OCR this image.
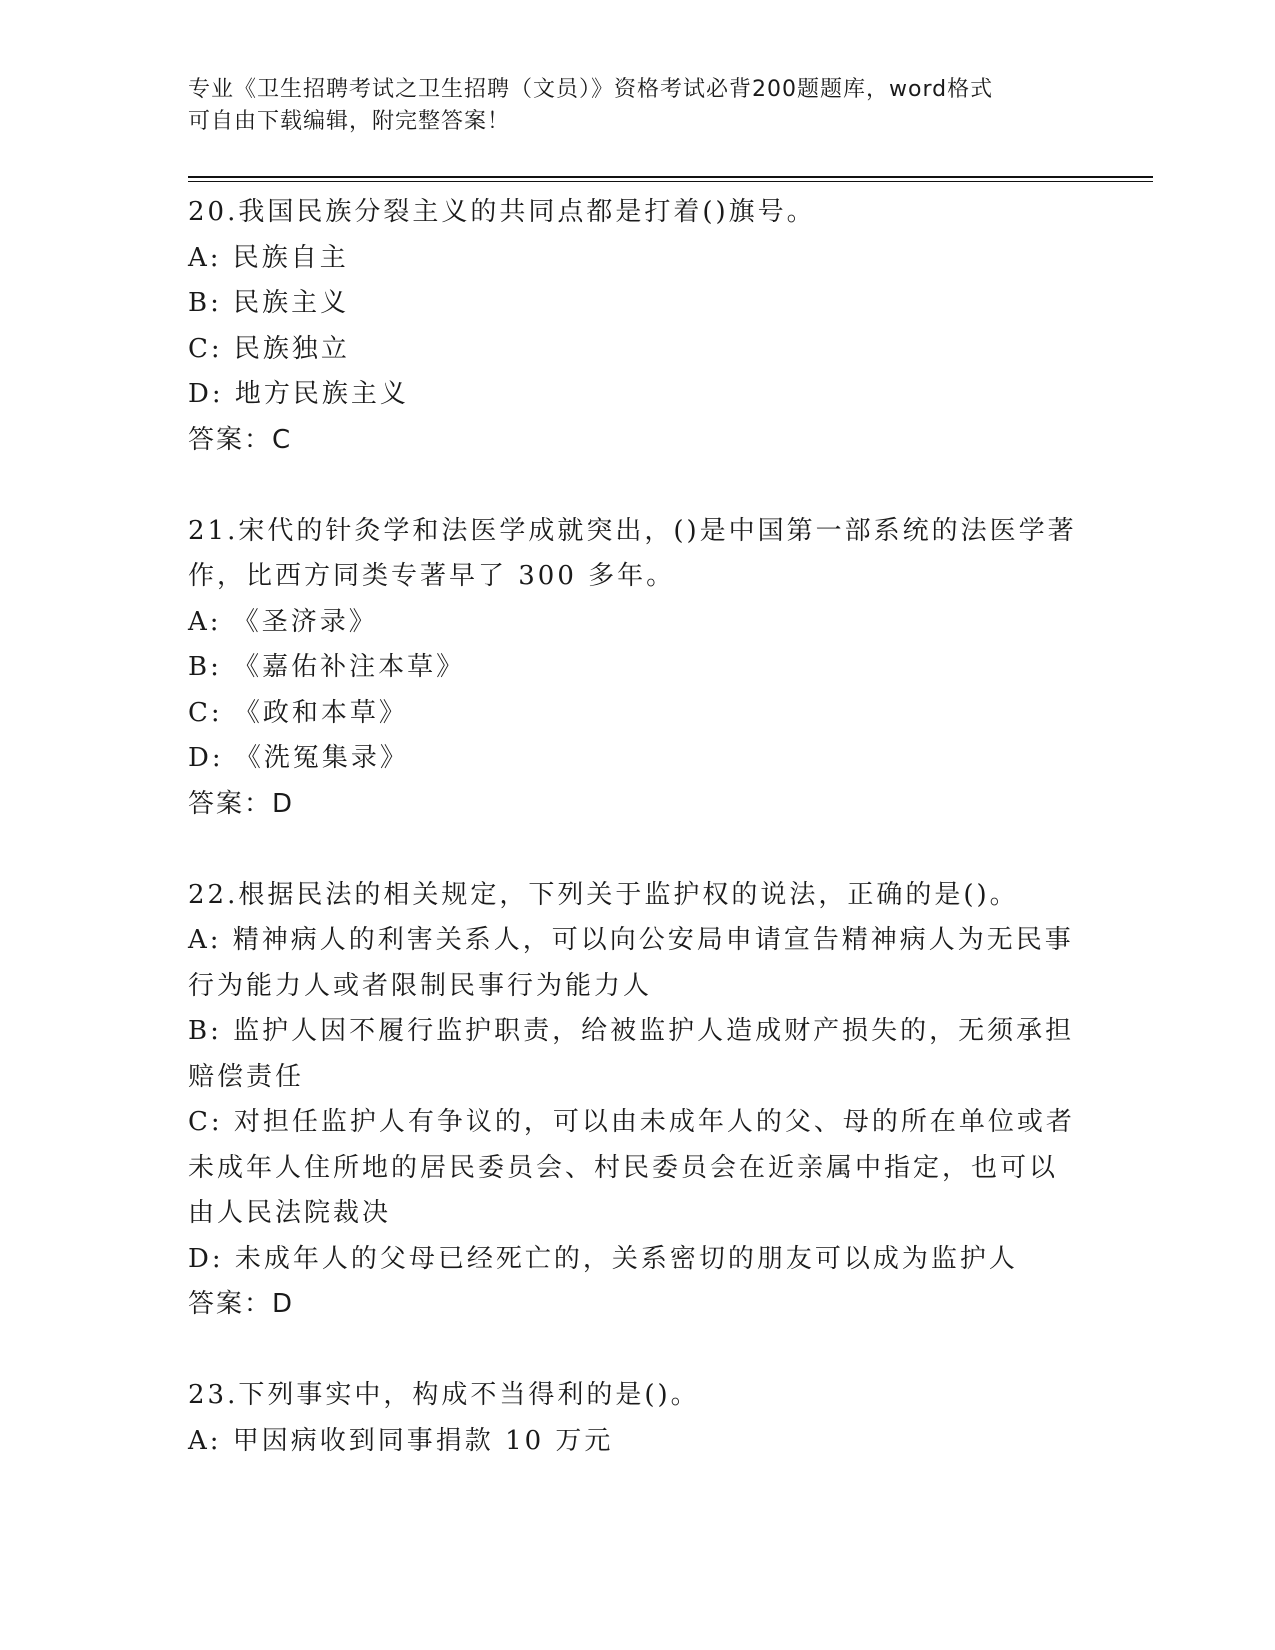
专业《卫生招聘考试之卫生招聘（文员）》资格考试必背200题题库，word格式
可自由下载编辑，附完整答案！
20.我国民族分裂主义的共同点都是打着()旗号。
A: 民族自主
B: 民族主义
C: 民族独立
D: 地方民族主义
答案：C
21.宋代的针灸学和法医学成就突出，()是中国第一部系统的法医学著
作，比西方同类专著早了 300 多年。
A: 《圣济录》
B: 《嘉佑补注本草》
C: 《政和本草》
D: 《洗冤集录》
答案：D
22.根据民法的相关规定，下列关于监护权的说法，正确的是()。
A: 精神病人的利害关系人，可以向公安局申请宣告精神病人为无民事
行为能力人或者限制民事行为能力人
B: 监护人因不履行监护职责，给被监护人造成财产损失的，无须承担
赔偿责任
C: 对担任监护人有争议的，可以由未成年人的父、母的所在单位或者
未成年人住所地的居民委员会、村民委员会在近亲属中指定，也可以
由人民法院裁决
D: 未成年人的父母已经死亡的，关系密切的朋友可以成为监护人
答案：D
23.下列事实中，构成不当得利的是()。
A: 甲因病收到同事捐款 10 万元
